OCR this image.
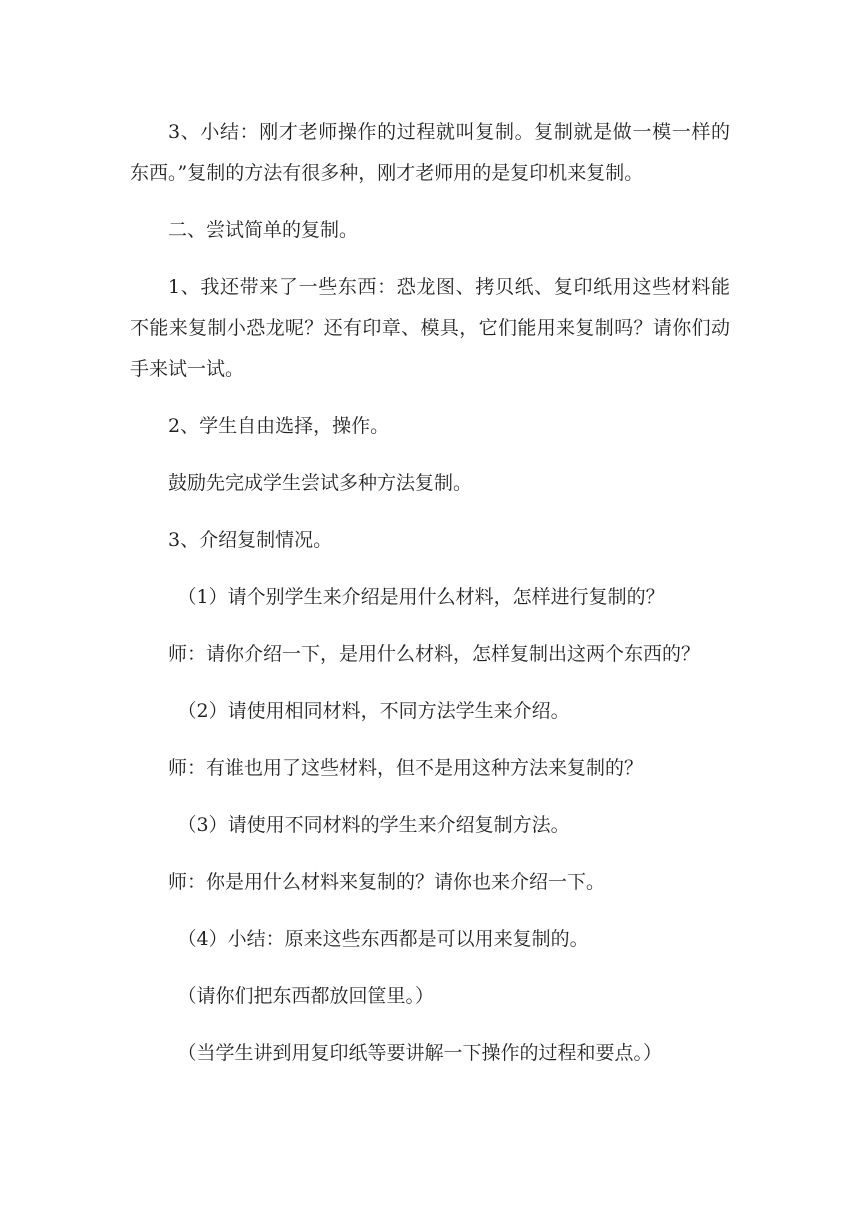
3、小结：刚才老师操作的过程就叫复制。复制就是做一模一样的东西。”复制的方法有很多种，刚才老师用的是复印机来复制。

二、尝试简单的复制。

1、我还带来了一些东西：恐龙图、拷贝纸、复印纸用这些材料能不能来复制小恐龙呢？还有印章、模具，它们能用来复制吗？请你们动手来试一试。

2、学生自由选择，操作。

鼓励先完成学生尝试多种方法复制。

3、介绍复制情况。

（1）请个别学生来介绍是用什么材料，怎样进行复制的？

师：请你介绍一下，是用什么材料，怎样复制出这两个东西的？

（2）请使用相同材料，不同方法学生来介绍。

师：有谁也用了这些材料，但不是用这种方法来复制的？

（3）请使用不同材料的学生来介绍复制方法。

师：你是用什么材料来复制的？请你也来介绍一下。

（4）小结：原来这些东西都是可以用来复制的。

（请你们把东西都放回筐里。）

（当学生讲到用复印纸等要讲解一下操作的过程和要点。）
